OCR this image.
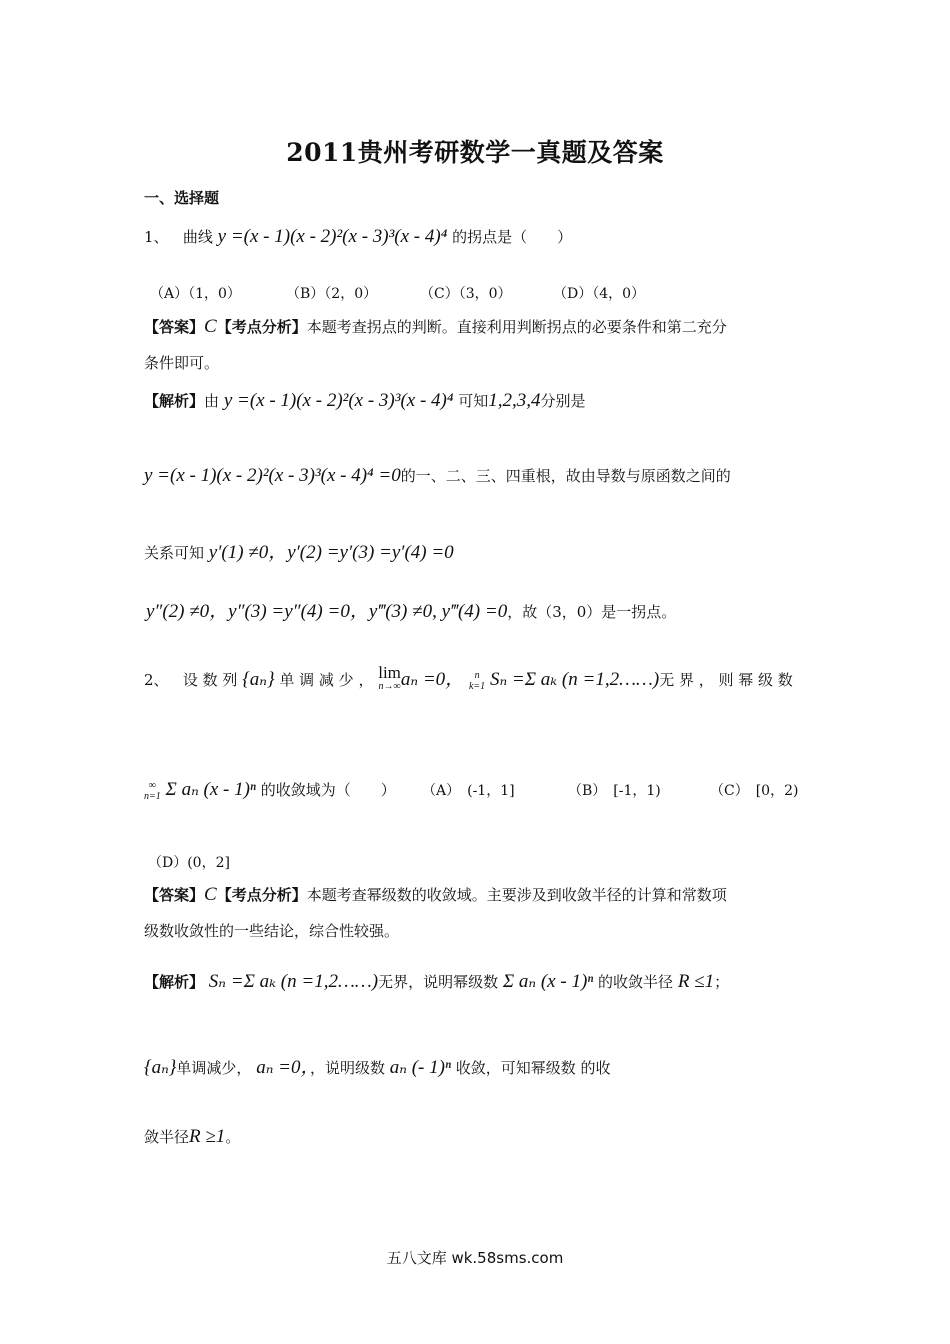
2011贵州考研数学一真题及答案
一、选择题
1、 曲线 y =(x - 1)(x - 2)²(x - 3)³(x - 4)⁴ 的拐点是（　　）
（A）（1，0）	（B）（2，0）	（C）（3，0）	（D）（4，0）
【答案】C【考点分析】本题考查拐点的判断。直接利用判断拐点的必要条件和第二充分
条件即可。
【解析】由 y =(x - 1)(x - 2)²(x - 3)³(x - 4)⁴ 可知1,2,3,4分别是
y =(x - 1)(x - 2)²(x - 3)³(x - 4)⁴ =0的一、二、三、四重根，故由导数与原函数之间的
关系可知 y′(1) ≠0，y′(2) =y′(3) =y′(4) =0
y″(2) ≠0，y″(3) =y″(4) =0，y‴(3) ≠0, y‴(4) =0，故（3，0）是一拐点。
2、 设 数 列 {aₙ} 单 调 减 少 ， lim
n→∞ aₙ =0，	n
k=1 Sₙ =Σ aₖ (n =1,2……)无 界 ， 则 幂 级 数
∞
n=1 Σ aₙ (x - 1)ⁿ 的收敛域为（　　） （A）　(-1，1]	（B）　[-1，1)	（C）　[0，2)
（D）(0，2]
【答案】C【考点分析】本题考查幂级数的收敛域。主要涉及到收敛半径的计算和常数项
级数收敛性的一些结论，综合性较强。
【解析】 Sₙ =Σ aₖ (n =1,2……)无界，说明幂级数 Σ aₙ (x - 1)ⁿ 的收敛半径 R ≤1；
{aₙ}单调减少， aₙ =0，，说明级数 aₙ (- 1)ⁿ 收敛，可知幂级数 的收
敛半径R ≥1。
五八文库 wk.58sms.com
